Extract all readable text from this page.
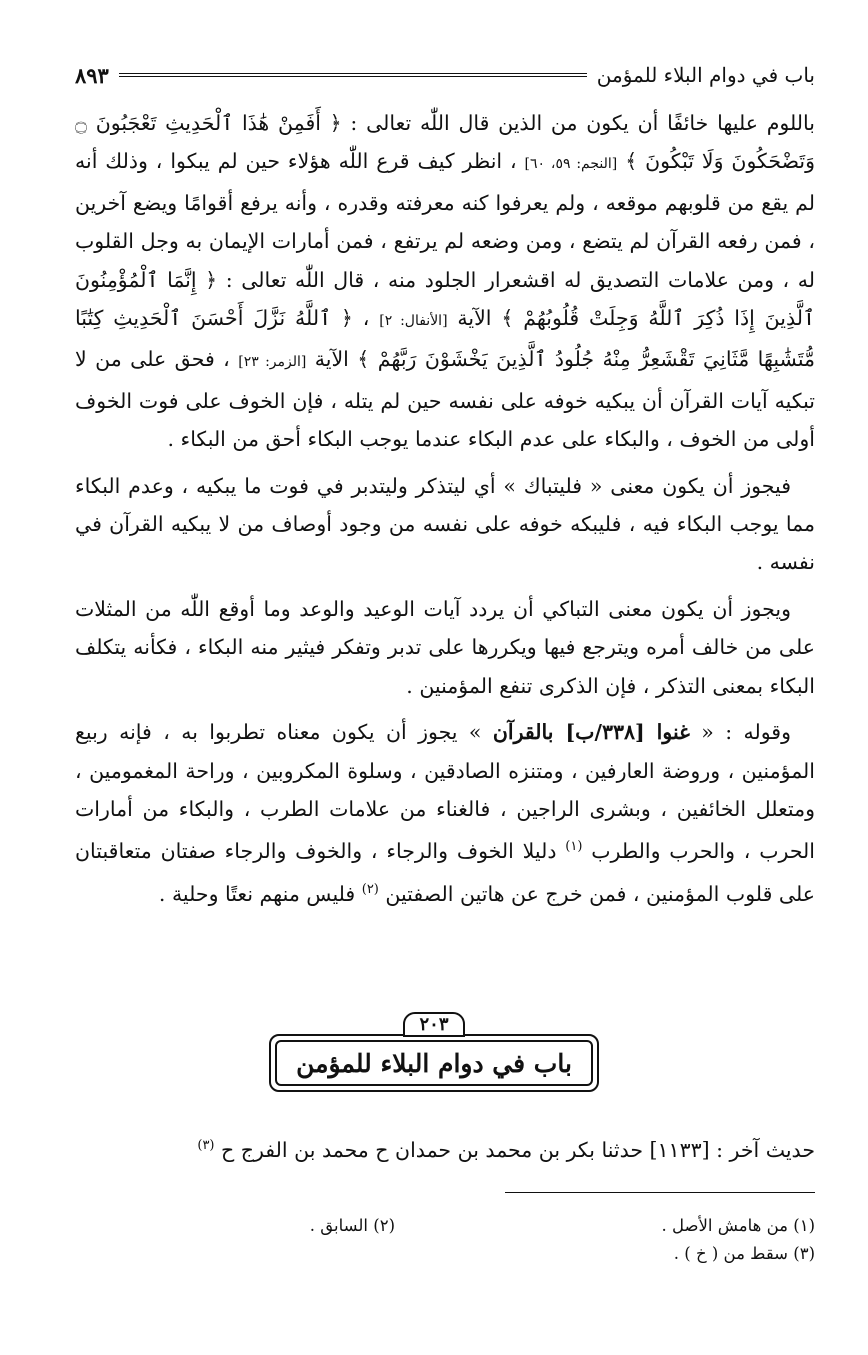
باب في دوام البلاء للمؤمن
٨٩٣

باللوم عليها خائفًا أن يكون من الذين قال اللّٰه تعالى : ﴿ أَفَمِنْ هَٰذَا ٱلْحَدِيثِ تَعْجَبُونَ ۝ وَتَضْحَكُونَ وَلَا تَبْكُونَ ﴾ [النجم: ٥٩، ٦٠] ، انظر كيف قرع اللّٰه هؤلاء حين لم يبكوا ، وذلك أنه لم يقع من قلوبهم موقعه ، ولم يعرفوا كنه معرفته وقدره ، وأنه يرفع أقوامًا ويضع آخرين ، فمن رفعه القرآن لم يتضع ، ومن وضعه لم يرتفع ، فمن أمارات الإيمان به وجل القلوب له ، ومن علامات التصديق له اقشعرار الجلود منه ، قال اللّٰه تعالى : ﴿ إِنَّمَا ٱلْمُؤْمِنُونَ ٱلَّذِينَ إِذَا ذُكِرَ ٱللَّهُ وَجِلَتْ قُلُوبُهُمْ ﴾ الآية [الأنفال: ٢] ، ﴿ ٱللَّهُ نَزَّلَ أَحْسَنَ ٱلْحَدِيثِ كِتَٰبًا مُّتَشَٰبِهًا مَّثَانِيَ تَقْشَعِرُّ مِنْهُ جُلُودُ ٱلَّذِينَ يَخْشَوْنَ رَبَّهُمْ ﴾ الآية [الزمر: ٢٣] ، فحق على من لا تبكيه آيات القرآن أن يبكيه خوفه على نفسه حين لم يتله ، فإن الخوف على فوت الخوف أولى من الخوف ، والبكاء على عدم البكاء عندما يوجب البكاء أحق من البكاء .

فيجوز أن يكون معنى « فليتباك » أي ليتذكر وليتدبر في فوت ما يبكيه ، وعدم البكاء مما يوجب البكاء فيه ، فليبكه خوفه على نفسه من وجود أوصاف من لا يبكيه القرآن في نفسه .

ويجوز أن يكون معنى التباكي أن يردد آيات الوعيد والوعد وما أوقع اللّٰه من المثلات على من خالف أمره ويترجع فيها ويكررها على تدبر وتفكر فيثير منه البكاء ، فكأنه يتكلف البكاء بمعنى التذكر ، فإن الذكرى تنفع المؤمنين .

وقوله : « غنوا [٣٣٨/ب] بالقرآن » يجوز أن يكون معناه تطربوا به ، فإنه ربيع المؤمنين ، وروضة العارفين ، ومتنزه الصادقين ، وسلوة المكروبين ، وراحة المغمومين ، ومتعلل الخائفين ، وبشرى الراجين ، فالغناء من علامات الطرب ، والبكاء من أمارات الحرب ، والحرب والطرب $^{(١)}$ دليلا الخوف والرجاء ، والخوف والرجاء صفتان متعاقبتان على قلوب المؤمنين ، فمن خرج عن هاتين الصفتين $^{(٢)}$ فليس منهم نعتًا وحلية .

٢٠٣
باب في دوام البلاء للمؤمن
حديث آخر : [١١٣٣] حدثنا بكر بن محمد بن حمدان ح محمد بن الفرج ح $^{(٣)}$
(١) من هامش الأصل .
(٢) السابق .
(٣) سقط من ( خ ) .
